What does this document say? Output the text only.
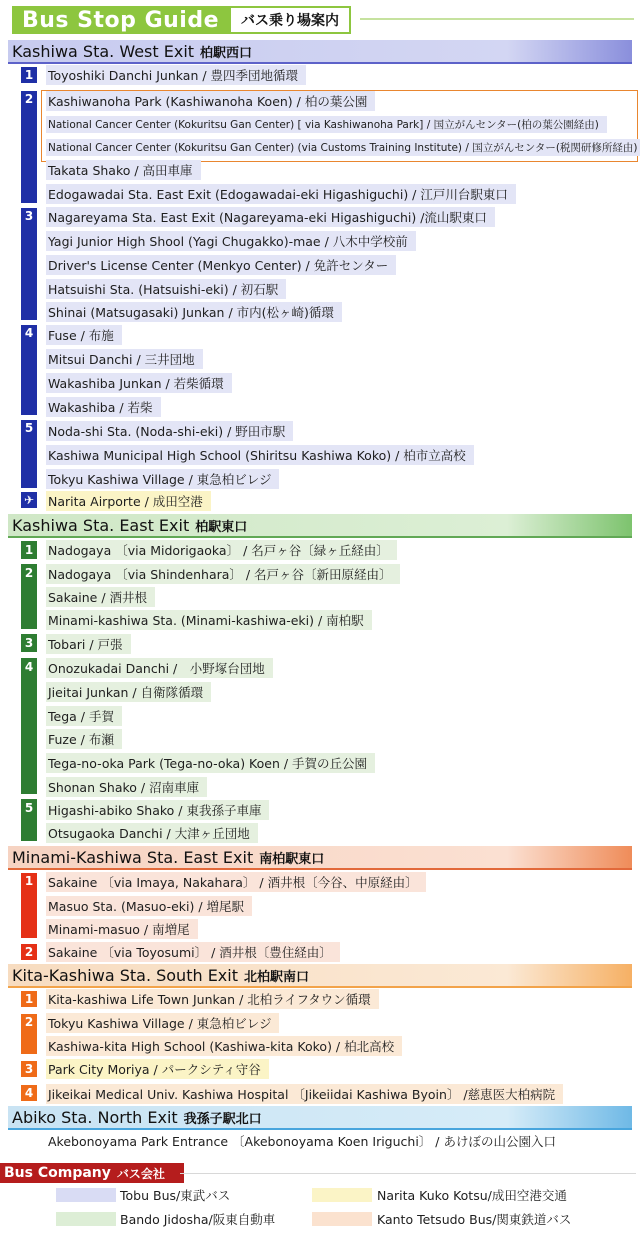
Bus Stop Guide	バス乗り場案内
Kashiwa Sta. West Exit 柏駅西口
1
2
3
4
5
✈
Toyoshiki Danchi Junkan / 豊四季団地循環
Kashiwanoha Park (Kashiwanoha Koen) / 柏の葉公園
National Cancer Center (Kokuritsu Gan Center) [ via Kashiwanoha Park] / 国立がんセンター(柏の葉公園経由)
National Cancer Center (Kokuritsu Gan Center) (via Customs Training Institute) / 国立がんセンター(税関研修所経由)
Takata Shako / 高田車庫
Edogawadai Sta. East Exit (Edogawadai-eki Higashiguchi) / 江戸川台駅東口
Nagareyama Sta. East Exit (Nagareyama-eki Higashiguchi) /流山駅東口
Yagi Junior High Shool (Yagi Chugakko)-mae / 八木中学校前
Driver's License Center (Menkyo Center) / 免許センター
Hatsuishi Sta. (Hatsuishi-eki) / 初石駅
Shinai (Matsugasaki) Junkan / 市内(松ヶ崎)循環
Fuse / 布施
Mitsui Danchi / 三井団地
Wakashiba Junkan / 若柴循環
Wakashiba / 若柴
Noda-shi Sta. (Noda-shi-eki) / 野田市駅
Kashiwa Municipal High School (Shiritsu Kashiwa Koko) / 柏市立高校
Tokyu Kashiwa Village / 東急柏ビレジ
Narita Airporte / 成田空港
Kashiwa Sta. East Exit 柏駅東口
1
2
3
4
5
Nadogaya 〔via Midorigaoka〕 / 名戸ヶ谷〔緑ヶ丘経由〕
Nadogaya 〔via Shindenhara〕 / 名戸ヶ谷〔新田原経由〕
Sakaine / 酒井根
Minami-kashiwa Sta. (Minami-kashiwa-eki) / 南柏駅
Tobari / 戸張
Onozukadai Danchi /　小野塚台団地
Jieitai Junkan / 自衛隊循環
Tega / 手賀
Fuze / 布瀬
Tega-no-oka Park (Tega-no-oka) Koen / 手賀の丘公園
Shonan Shako / 沼南車庫
Higashi-abiko Shako / 東我孫子車庫
Otsugaoka Danchi / 大津ヶ丘団地
Minami-Kashiwa Sta. East Exit 南柏駅東口
1
2
Sakaine 〔via Imaya, Nakahara〕 / 酒井根〔今谷、中原経由〕
Masuo Sta. (Masuo-eki) / 増尾駅
Minami-masuo / 南増尾
Sakaine 〔via Toyosumi〕 / 酒井根〔豊住経由〕
Kita-Kashiwa Sta. South Exit 北柏駅南口
1
2
3
4
Kita-kashiwa Life Town Junkan / 北柏ライフタウン循環
Tokyu Kashiwa Village / 東急柏ビレジ
Kashiwa-kita High School (Kashiwa-kita Koko) / 柏北高校
Park City Moriya / パークシティ守谷
Jikeikai Medical Univ. Kashiwa Hospital 〔Jikeiidai Kashiwa Byoin〕 /慈恵医大柏病院
Abiko Sta. North Exit 我孫子駅北口
Akebonoyama Park Entrance 〔Akebonoyama Koen Iriguchi〕 / あけぼの山公園入口
Bus Company バス会社
Tobu Bus/東武バス
Bando Jidosha/阪東自動車
Narita Kuko Kotsu/成田空港交通
Kanto Tetsudo Bus/関東鉄道バス
